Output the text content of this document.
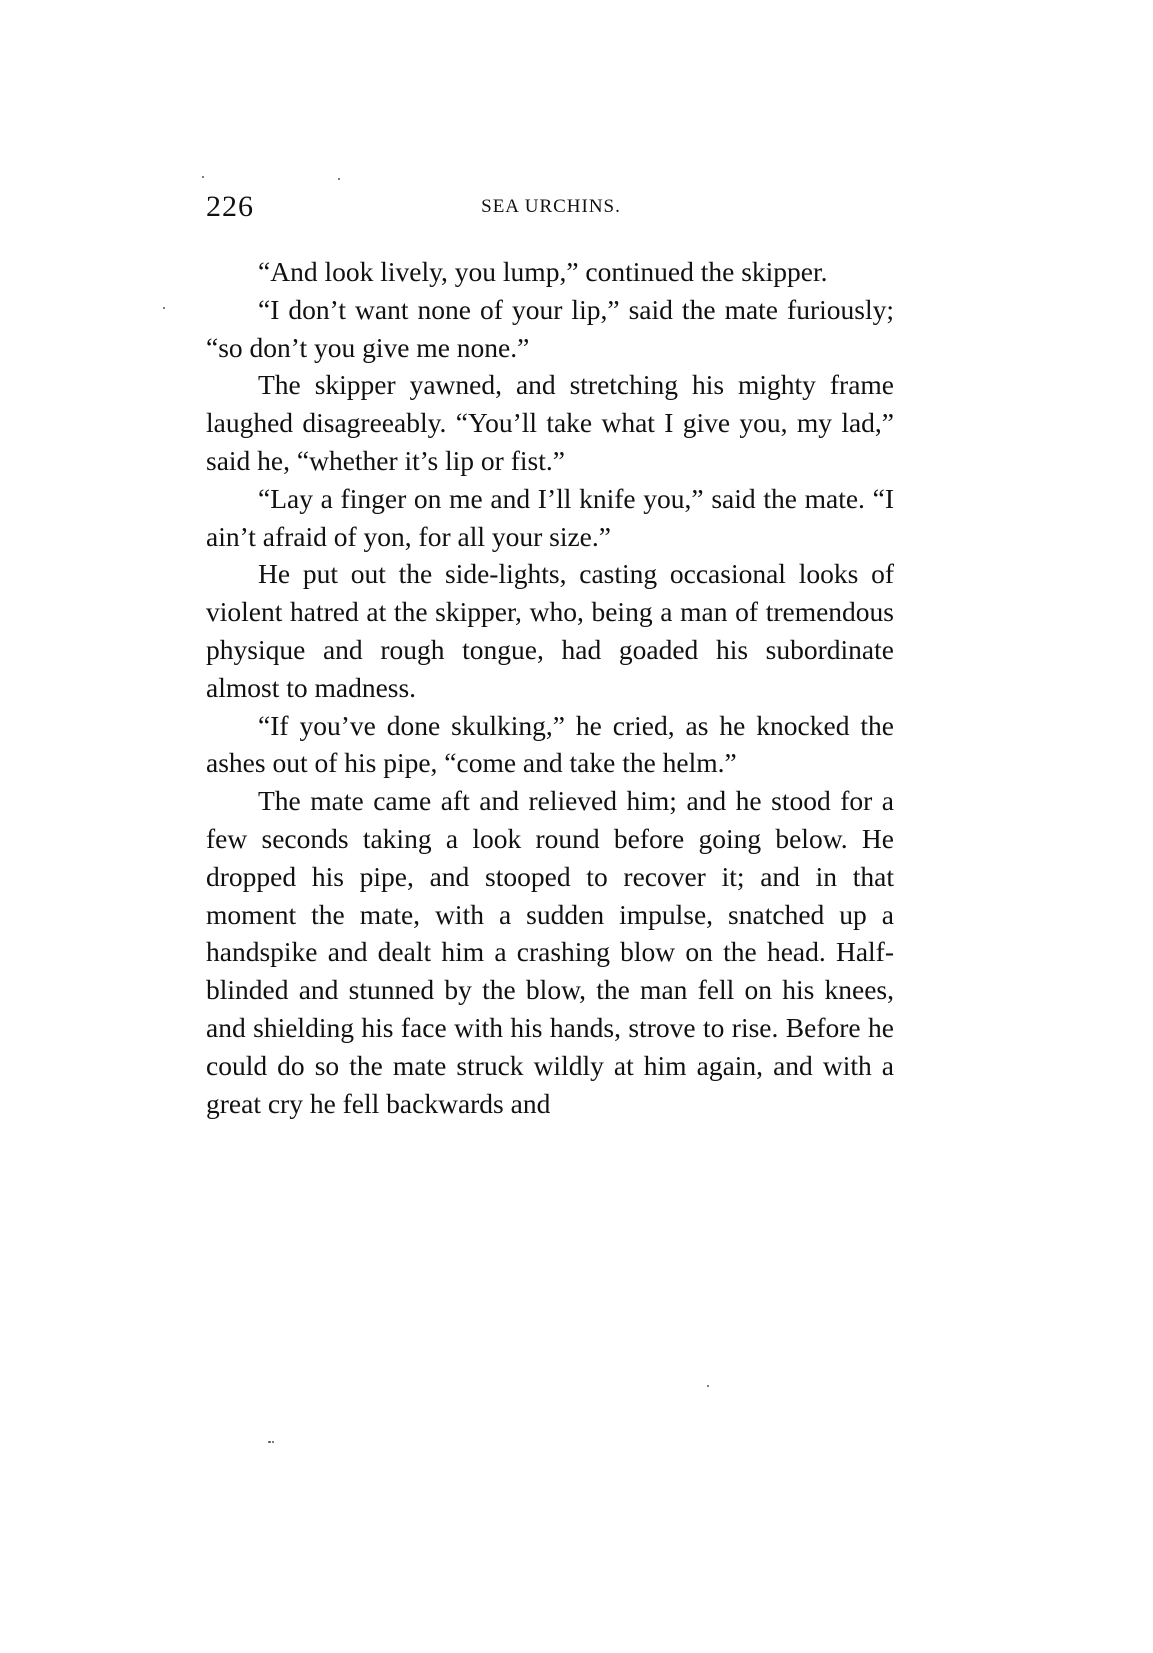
226	SEA URCHINS.

“And look lively, you lump,” continued the skipper.

“I don’t want none of your lip,” said the mate furiously; “so don’t you give me none.”

The skipper yawned, and stretching his mighty frame laughed disagreeably. “You’ll take what I give you, my lad,” said he, “whether it’s lip or fist.”

“Lay a finger on me and I’ll knife you,” said the mate. “I ain’t afraid of yon, for all your size.”

He put out the side-lights, casting occasional looks of violent hatred at the skipper, who, being a man of tremendous physique and rough tongue, had goaded his subordinate almost to madness.

“If you’ve done skulking,” he cried, as he knocked the ashes out of his pipe, “come and take the helm.”

The mate came aft and relieved him; and he stood for a few seconds taking a look round before going below. He dropped his pipe, and stooped to recover it; and in that moment the mate, with a sudden impulse, snatched up a handspike and dealt him a crashing blow on the head. Half-blinded and stunned by the blow, the man fell on his knees, and shielding his face with his hands, strove to rise. Before he could do so the mate struck wildly at him again, and with a great cry he fell backwards and
